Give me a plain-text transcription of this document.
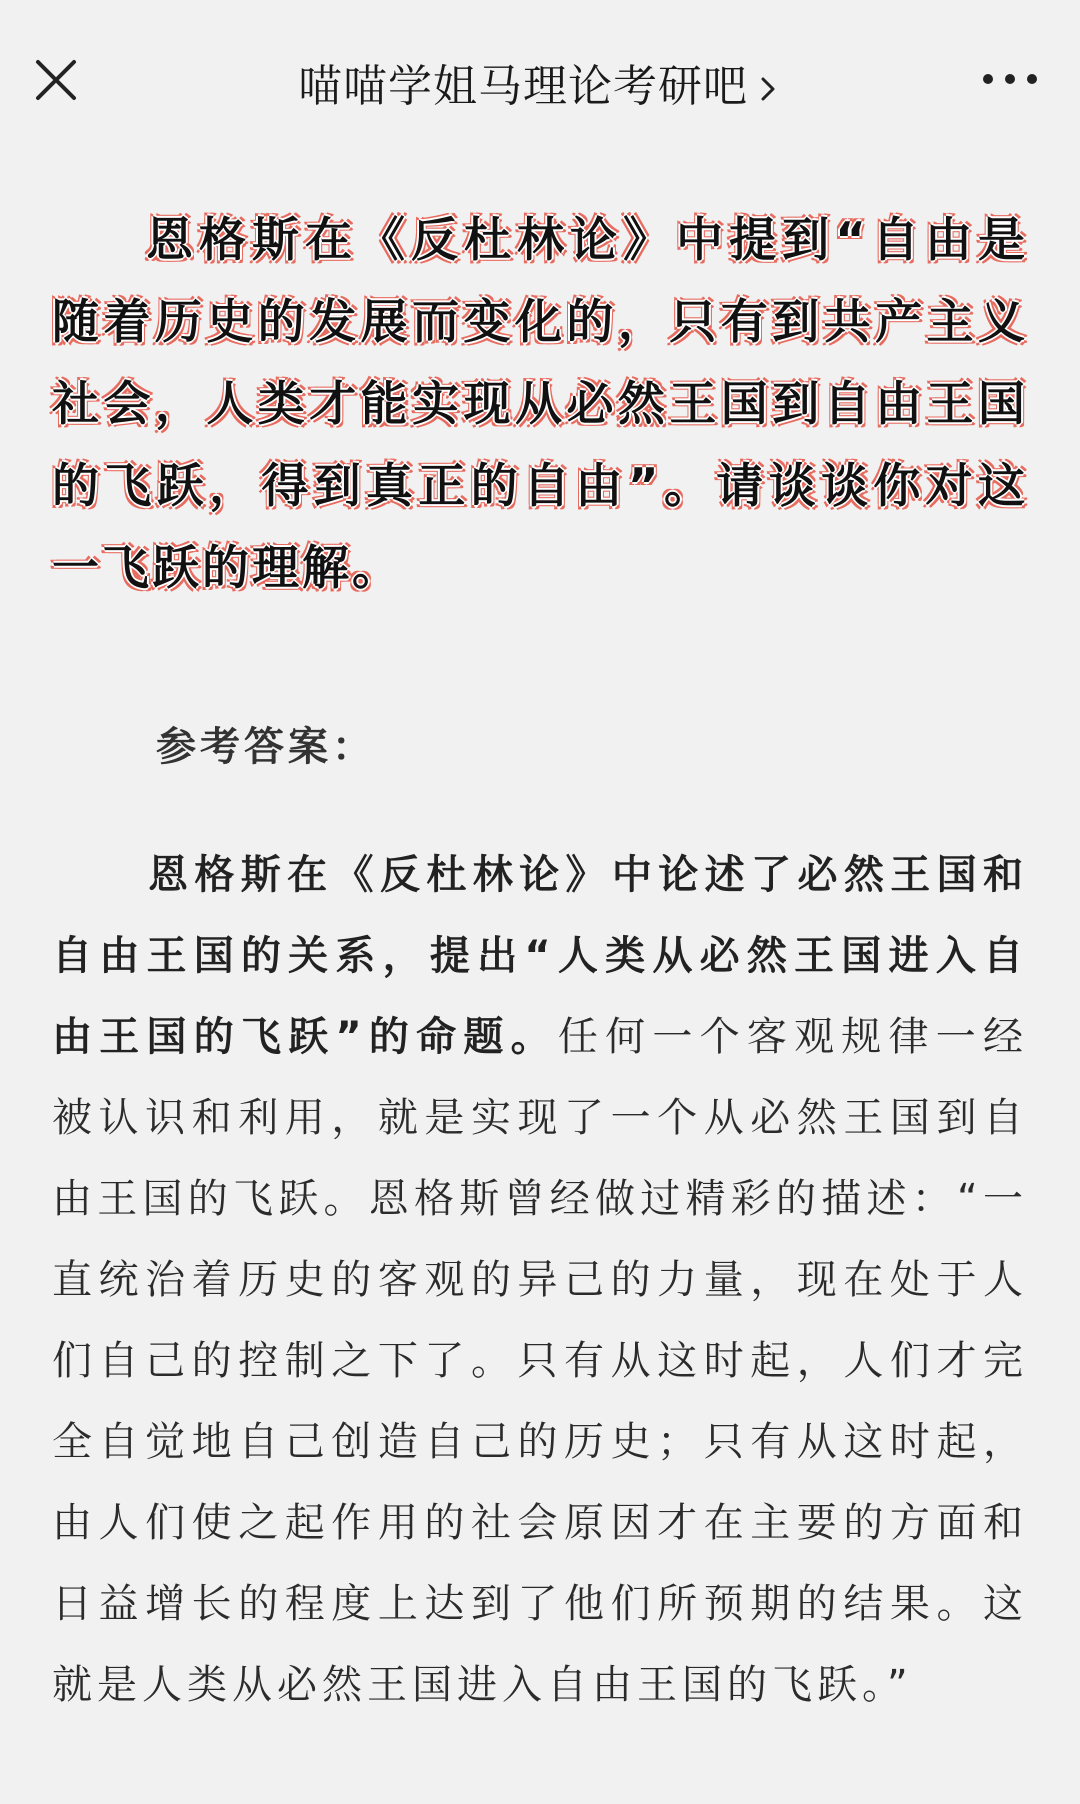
喵喵学姐马理论考研吧
恩格斯在《反杜林论》中提到“自由是随着历史的发展而变化的，只有到共产主义社会，人类才能实现从必然王国到自由王国的飞跃，得到真正的自由”。请谈谈你对这一飞跃的理解。
参考答案：
恩格斯在《反杜林论》中论述了必然王国和自由王国的关系，提出“人类从必然王国进入自由王国的飞跃”的命题。任何一个客观规律一经被认识和利用，就是实现了一个从必然王国到自由王国的飞跃。恩格斯曾经做过精彩的描述：“一直统治着历史的客观的异己的力量，现在处于人们自己的控制之下了。只有从这时起，人们才完全自觉地自己创造自己的历史；只有从这时起，由人们使之起作用的社会原因才在主要的方面和日益增长的程度上达到了他们所预期的结果。这就是人类从必然王国进入自由王国的飞跃。”
